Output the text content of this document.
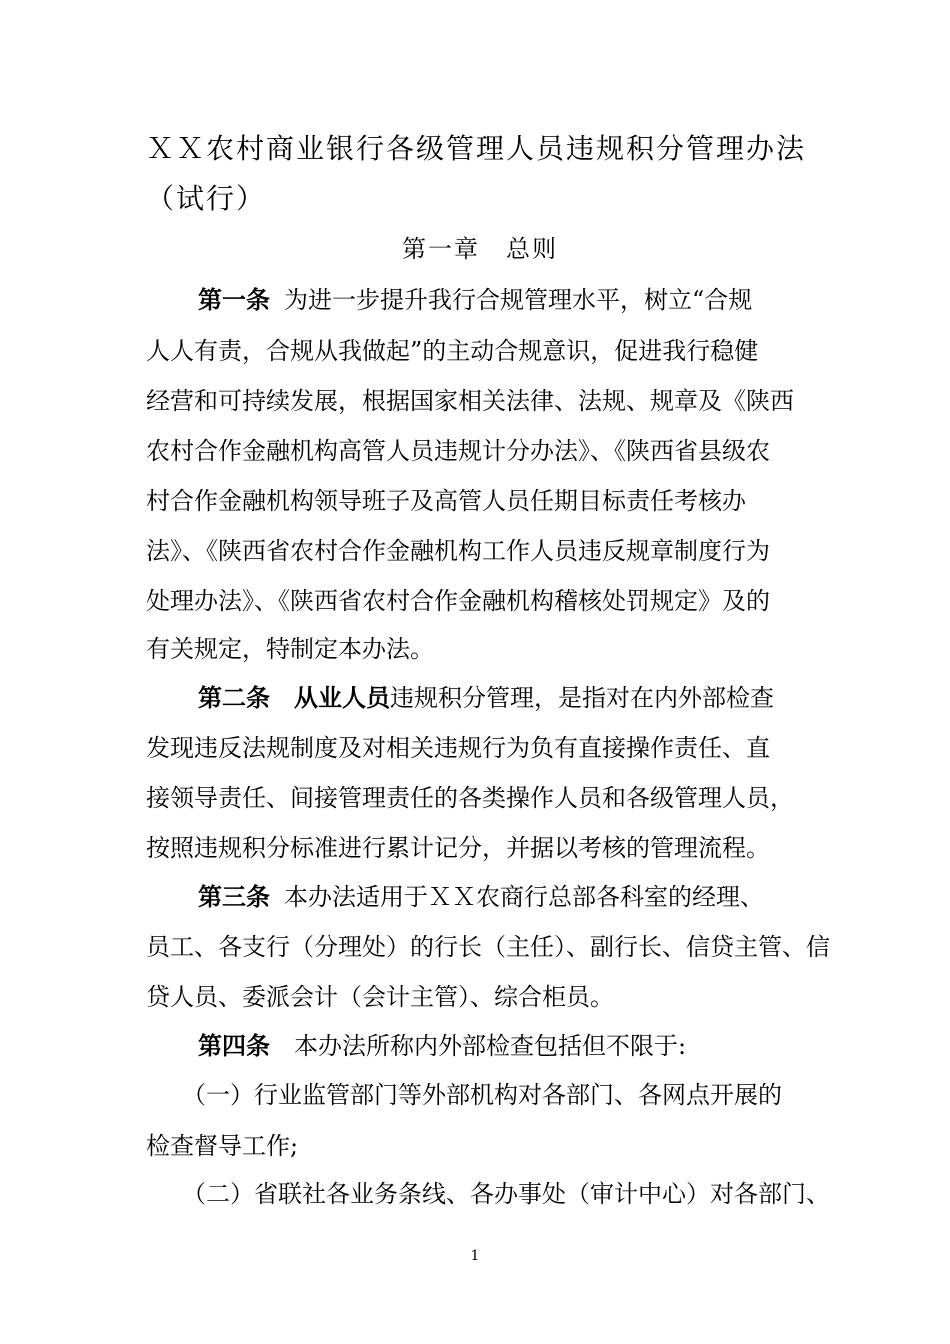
ＸＸ农村商业银行各级管理人员违规积分管理办法
（试行）
第一章　总则
第一条 为进一步提升我行合规管理水平，树立“合规
人人有责，合规从我做起”的主动合规意识，促进我行稳健
经营和可持续发展，根据国家相关法律、法规、规章及《陕西
农村合作金融机构高管人员违规计分办法》、《陕西省县级农
村合作金融机构领导班子及高管人员任期目标责任考核办
法》、《陕西省农村合作金融机构工作人员违反规章制度行为
处理办法》、《陕西省农村合作金融机构稽核处罚规定》及的
有关规定，特制定本办法。
第二条 从业人员违规积分管理，是指对在内外部检查
发现违反法规制度及对相关违规行为负有直接操作责任、直
接领导责任、间接管理责任的各类操作人员和各级管理人员，
按照违规积分标准进行累计记分，并据以考核的管理流程。
第三条 本办法适用于ＸＸ农商行总部各科室的经理、
员工、各支行（分理处）的行长（主任）、副行长、信贷主管、信
贷人员、委派会计（会计主管）、综合柜员。
第四条 本办法所称内外部检查包括但不限于:
（一）行业监管部门等外部机构对各部门、各网点开展的
检查督导工作;
（二）省联社各业务条线、各办事处（审计中心）对各部门、
1
